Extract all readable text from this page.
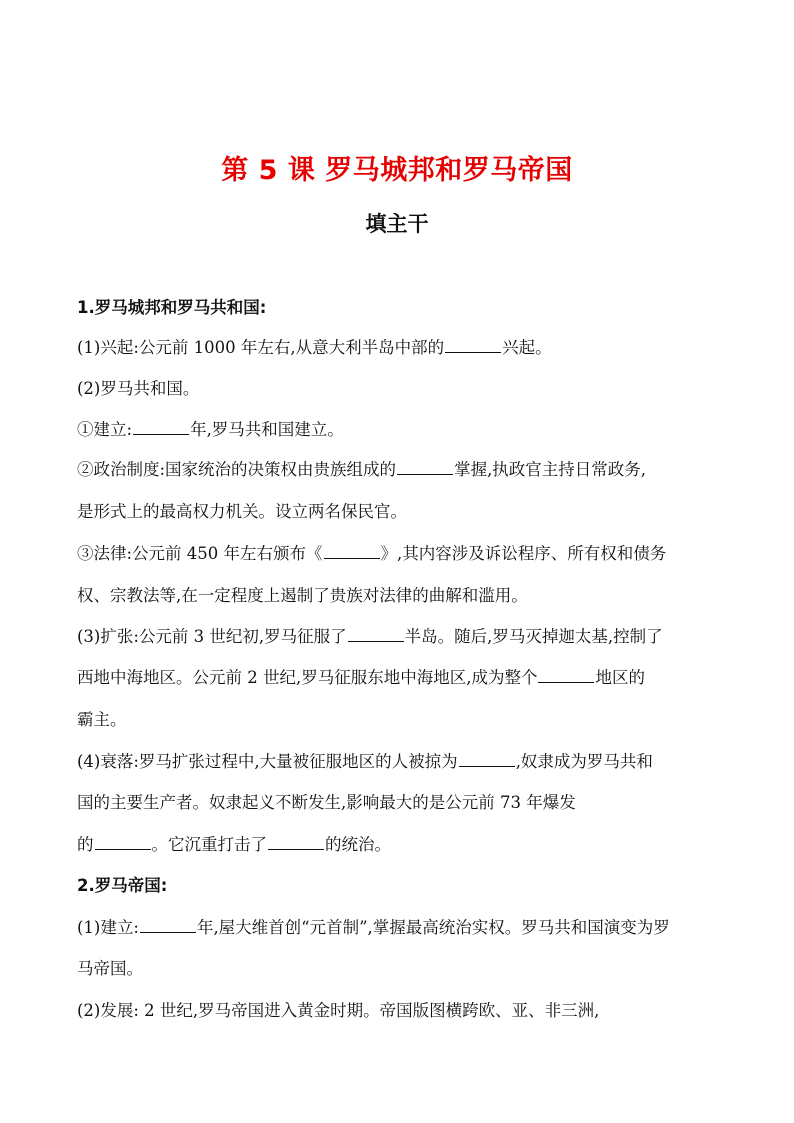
第 5 课 罗马城邦和罗马帝国
填主干
1.罗马城邦和罗马共和国:
(1)兴起:公元前 1000 年左右,从意大利半岛中部的	兴起。
(2)罗马共和国。
①建立:	年,罗马共和国建立。
②政治制度:国家统治的决策权由贵族组成的	掌握,执政官主持日常政务,
是形式上的最高权力机关。设立两名保民官。
③法律:公元前 450 年左右颁布《	》,其内容涉及诉讼程序、所有权和债务
权、宗教法等,在一定程度上遏制了贵族对法律的曲解和滥用。
(3)扩张:公元前 3 世纪初,罗马征服了	半岛。随后,罗马灭掉迦太基,控制了
西地中海地区。公元前 2 世纪,罗马征服东地中海地区,成为整个	地区的
霸主。
(4)衰落:罗马扩张过程中,大量被征服地区的人被掠为	,奴隶成为罗马共和
国的主要生产者。奴隶起义不断发生,影响最大的是公元前 73 年爆发
的	。它沉重打击了	的统治。
2.罗马帝国:
(1)建立:	年,屋大维首创“元首制”,掌握最高统治实权。罗马共和国演变为罗
马帝国。
(2)发展: 2 世纪,罗马帝国进入黄金时期。帝国版图横跨欧、亚、非三洲,
